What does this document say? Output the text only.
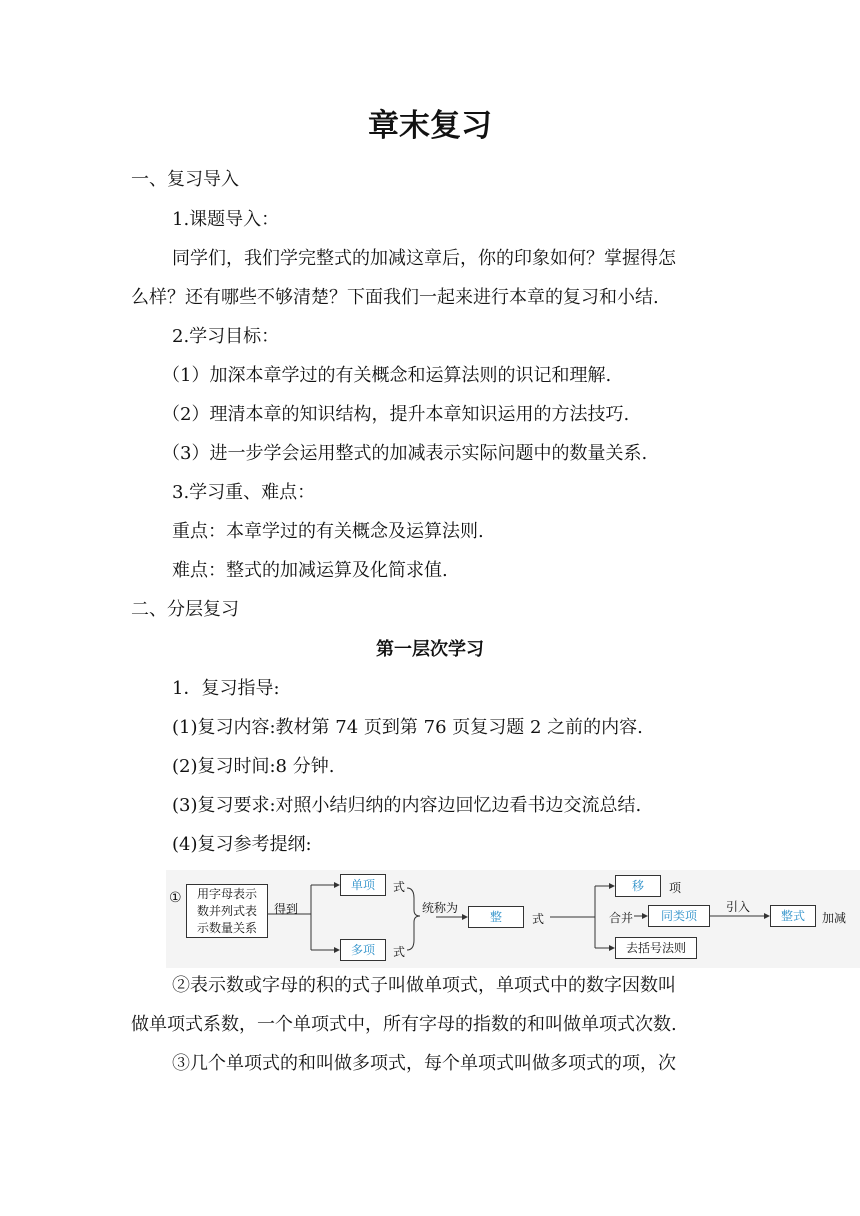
章末复习
一、复习导入
1.课题导入：
同学们，我们学完整式的加减这章后，你的印象如何？掌握得怎
么样？还有哪些不够清楚？下面我们一起来进行本章的复习和小结.
2.学习目标：
（1）加深本章学过的有关概念和运算法则的识记和理解.
（2）理清本章的知识结构，提升本章知识运用的方法技巧.
（3）进一步学会运用整式的加减表示实际问题中的数量关系.
3.学习重、难点：
重点：本章学过的有关概念及运算法则.
难点：整式的加减运算及化简求值.
二、分层复习
第一层次学习
1．复习指导:
(1)复习内容:教材第 74 页到第 76 页复习题 2 之前的内容.
(2)复习时间:8 分钟.
(3)复习要求:对照小结归纳的内容边回忆边看书边交流总结.
(4)复习参考提纲:
①	用字母表示
数并列式表
示数量关系
得到
单项	式
多项	式
统称为
整	式
移	项
合并	同类项
引入
整式	加减
去括号法则
②表示数或字母的积的式子叫做单项式，单项式中的数字因数叫
做单项式系数，一个单项式中，所有字母的指数的和叫做单项式次数.
③几个单项式的和叫做多项式，每个单项式叫做多项式的项，次
